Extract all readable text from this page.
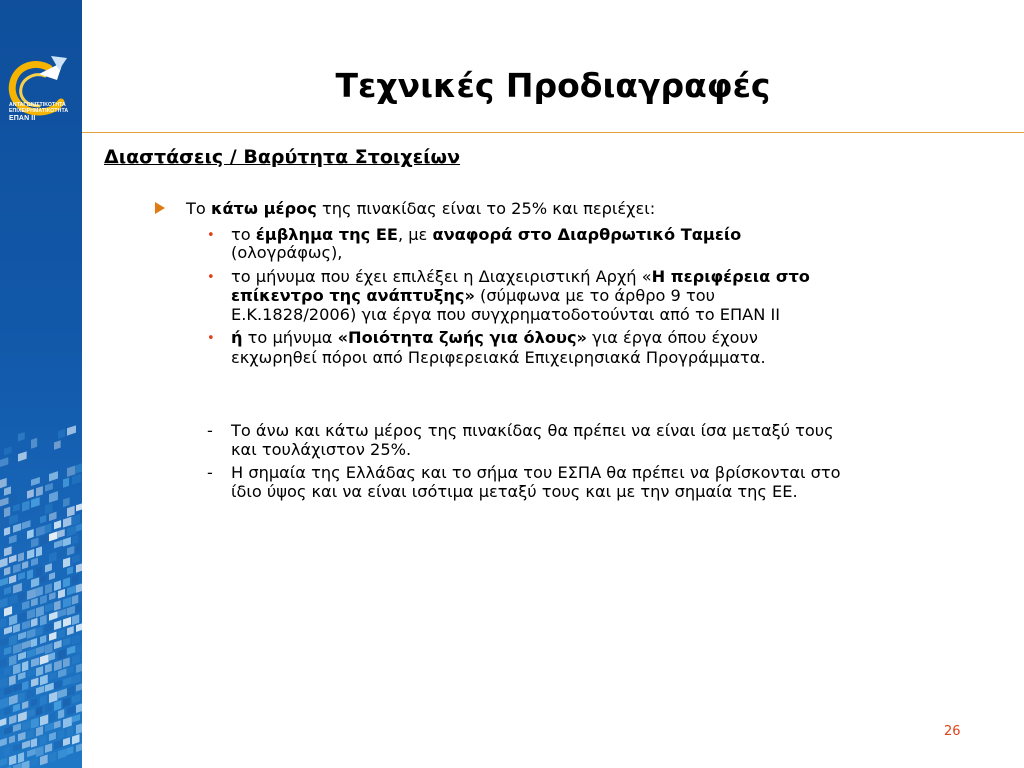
ΑΝΤΑΓΩΝΙΣΤΙΚΟΤΗΤΑ
ΕΠΙΧΕΙΡΗΜΑΤΙΚΟΤΗΤΑ
ΕΠΑΝ ΙΙ
Τεχνικές Προδιαγραφές
Διαστάσεις / Βαρύτητα Στοιχείων
Το κάτω μέρος της πινακίδας είναι το 25% και περιέχει:
• το έμβλημα της ΕΕ, με αναφορά στο Διαρθρωτικό Ταμείο
(ολογράφως),
• το μήνυμα που έχει επιλέξει η Διαχειριστική Αρχή «Η περιφέρεια στο
επίκεντρο της ανάπτυξης» (σύμφωνα με το άρθρο 9 του
Ε.Κ.1828/2006) για έργα που συγχρηματοδοτούνται από το ΕΠΑΝ ΙΙ
• ή το μήνυμα «Ποιότητα ζωής για όλους» για έργα όπου έχουν
εκχωρηθεί πόροι από Περιφερειακά Επιχειρησιακά Προγράμματα.
- Το άνω και κάτω μέρος της πινακίδας θα πρέπει να είναι ίσα μεταξύ τους
και τουλάχιστον 25%.
- Η σημαία της Ελλάδας και το σήμα του ΕΣΠΑ θα πρέπει να βρίσκονται στο
ίδιο ύψος και να είναι ισότιμα μεταξύ τους και με την σημαία της ΕΕ.
26
